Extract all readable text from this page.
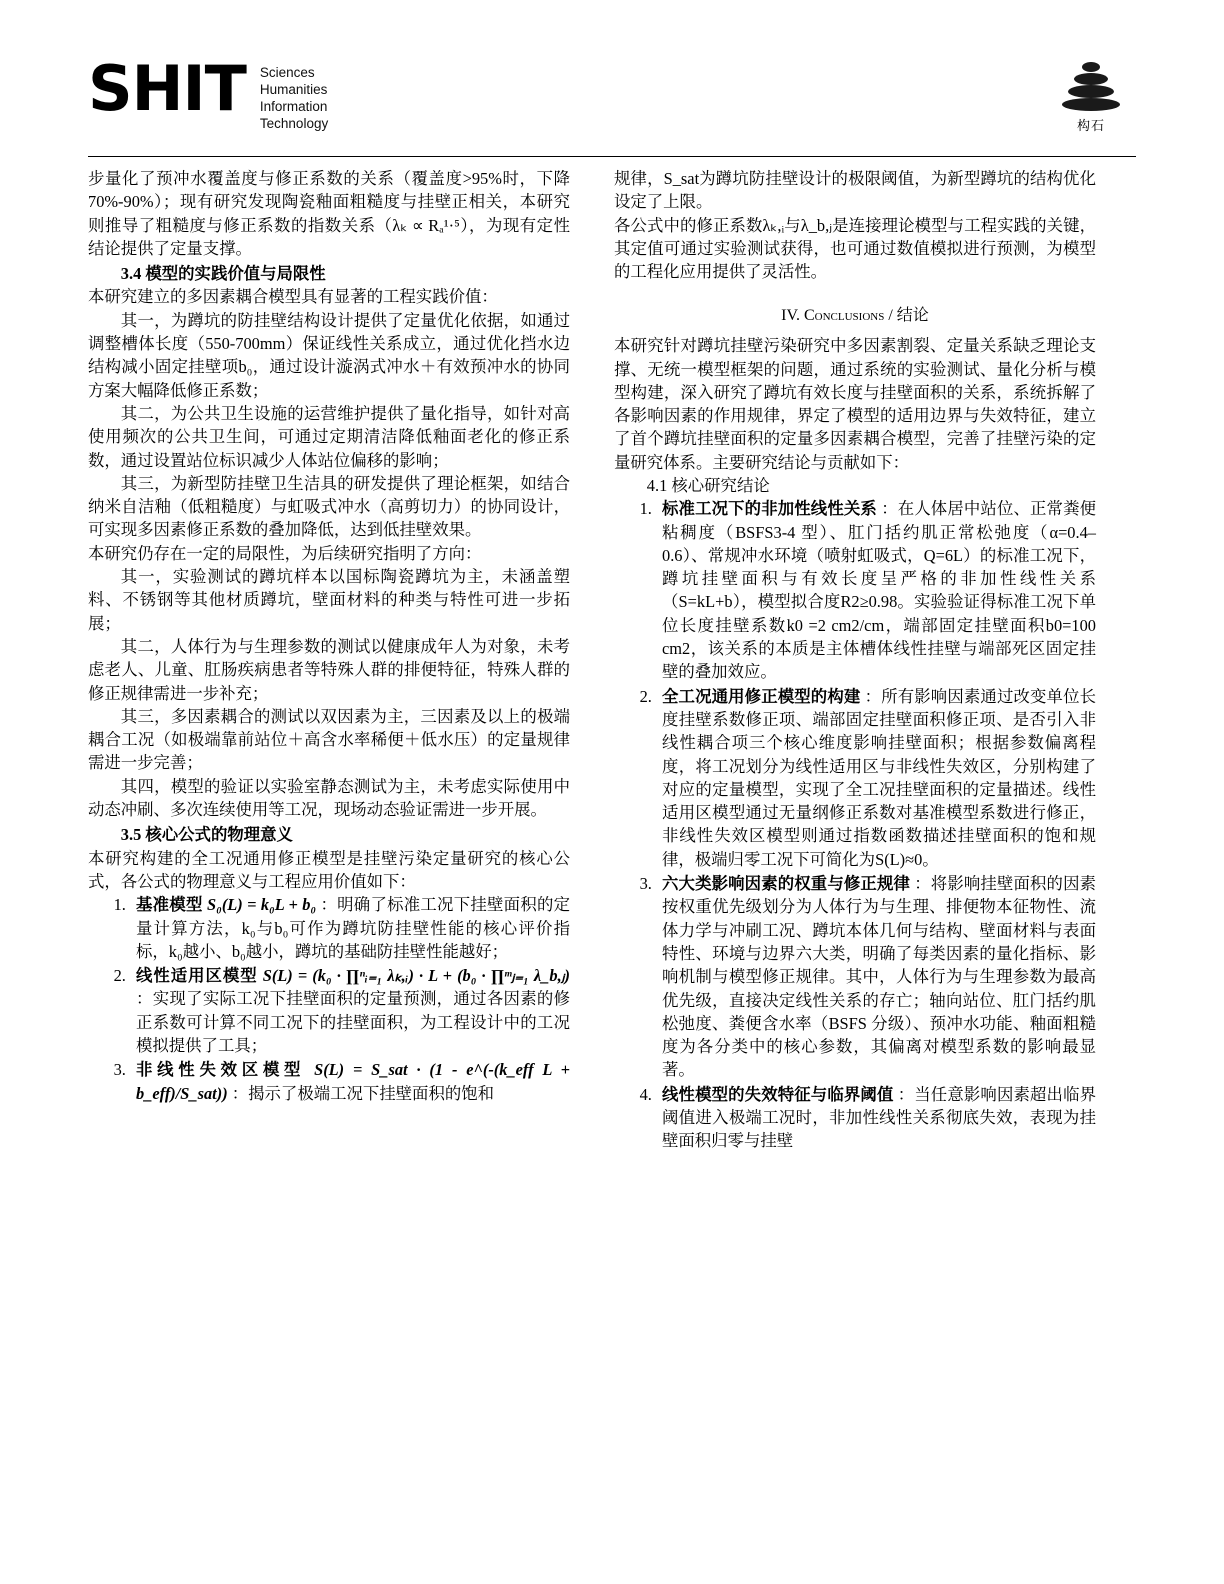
SHIT Sciences
Humanities
Information
Technology	构石

步量化了预冲水覆盖度与修正系数的关系（覆盖度>95%时，下降70%-90%）；现有研究发现陶瓷釉面粗糙度与挂壁正相关，本研究则推导了粗糙度与修正系数的指数关系（λₖ ∝ Rₐ¹·⁵），为现有定性结论提供了定量支撑。

3.4 模型的实践价值与局限性

本研究建立的多因素耦合模型具有显著的工程实践价值：

其一，为蹲坑的防挂壁结构设计提供了定量优化依据，如通过调整槽体长度（550-700mm）保证线性关系成立，通过优化挡水边结构减小固定挂壁项b₀，通过设计漩涡式冲水＋有效预冲水的协同方案大幅降低修正系数；

其二，为公共卫生设施的运营维护提供了量化指导，如针对高使用频次的公共卫生间，可通过定期清洁降低釉面老化的修正系数，通过设置站位标识减少人体站位偏移的影响；

其三，为新型防挂壁卫生洁具的研发提供了理论框架，如结合纳米自洁釉（低粗糙度）与虹吸式冲水（高剪切力）的协同设计，可实现多因素修正系数的叠加降低，达到低挂壁效果。

本研究仍存在一定的局限性，为后续研究指明了方向：

其一，实验测试的蹲坑样本以国标陶瓷蹲坑为主，未涵盖塑料、不锈钢等其他材质蹲坑，壁面材料的种类与特性可进一步拓展；

其二，人体行为与生理参数的测试以健康成年人为对象，未考虑老人、儿童、肛肠疾病患者等特殊人群的排便特征，特殊人群的修正规律需进一步补充；

其三，多因素耦合的测试以双因素为主，三因素及以上的极端耦合工况（如极端靠前站位＋高含水率稀便＋低水压）的定量规律需进一步完善；

其四，模型的验证以实验室静态测试为主，未考虑实际使用中动态冲刷、多次连续使用等工况，现场动态验证需进一步开展。

3.5 核心公式的物理意义

本研究构建的全工况通用修正模型是挂壁污染定量研究的核心公式，各公式的物理意义与工程应用价值如下：

1. 基准模型 S₀(L) = k₀L + b₀ ：明确了标准工况下挂壁面积的定量计算方法，k₀与b₀可作为蹲坑防挂壁性能的核心评价指标，k₀越小、b₀越小，蹲坑的基础防挂壁性能越好；
2. 线性适用区模型 S(L) = (k₀ · ∏ⁿᵢ₌₁ λₖ,ᵢ) · L + (b₀ · ∏ᵐⱼ₌₁ λ_b,ⱼ) ：实现了实际工况下挂壁面积的定量预测，通过各因素的修正系数可计算不同工况下的挂壁面积，为工程设计中的工况模拟提供了工具；
3. 非线性失效区模型 S(L) = S_sat · (1 - e^(-(k_eff L + b_eff)/S_sat)) ：揭示了极端工况下挂壁面积的饱和

规律，S_sat为蹲坑防挂壁设计的极限阈值，为新型蹲坑的结构优化设定了上限。

各公式中的修正系数λₖ,ᵢ与λ_b,ⱼ是连接理论模型与工程实践的关键，其定值可通过实验测试获得，也可通过数值模拟进行预测，为模型的工程化应用提供了灵活性。

IV. Conclusions / 结论

本研究针对蹲坑挂壁污染研究中多因素割裂、定量关系缺乏理论支撑、无统一模型框架的问题，通过系统的实验测试、量化分析与模型构建，深入研究了蹲坑有效长度与挂壁面积的关系，系统拆解了各影响因素的作用规律，界定了模型的适用边界与失效特征，建立了首个蹲坑挂壁面积的定量多因素耦合模型，完善了挂壁污染的定量研究体系。主要研究结论与贡献如下：

4.1 核心研究结论

1. 标准工况下的非加性线性关系 ：在人体居中站位、正常粪便粘稠度（BSFS3-4 型）、肛门括约肌正常松弛度（α=0.4–0.6）、常规冲水环境（喷射虹吸式，Q=6L）的标准工况下，蹲坑挂壁面积与有效长度呈严格的非加性线性关系（S=kL+b），模型拟合度R2≥0.98。实验验证得标准工况下单位长度挂壁系数k0 =2 cm2/cm，端部固定挂壁面积b0=100 cm2，该关系的本质是主体槽体线性挂壁与端部死区固定挂壁的叠加效应。
2. 全工况通用修正模型的构建 ：所有影响因素通过改变单位长度挂壁系数修正项、端部固定挂壁面积修正项、是否引入非线性耦合项三个核心维度影响挂壁面积；根据参数偏离程度，将工况划分为线性适用区与非线性失效区，分别构建了对应的定量模型，实现了全工况挂壁面积的定量描述。线性适用区模型通过无量纲修正系数对基准模型系数进行修正，非线性失效区模型则通过指数函数描述挂壁面积的饱和规律，极端归零工况下可简化为S(L)≈0。
3. 六大类影响因素的权重与修正规律 ：将影响挂壁面积的因素按权重优先级划分为人体行为与生理、排便物本征物性、流体力学与冲刷工况、蹲坑本体几何与结构、壁面材料与表面特性、环境与边界六大类，明确了每类因素的量化指标、影响机制与模型修正规律。其中，人体行为与生理参数为最高优先级，直接决定线性关系的存亡；轴向站位、肛门括约肌松弛度、粪便含水率（BSFS 分级）、预冲水功能、釉面粗糙度为各分类中的核心参数，其偏离对模型系数的影响最显著。
4. 线性模型的失效特征与临界阈值 ：当任意影响因素超出临界阈值进入极端工况时，非加性线性关系彻底失效，表现为挂壁面积归零与挂壁
